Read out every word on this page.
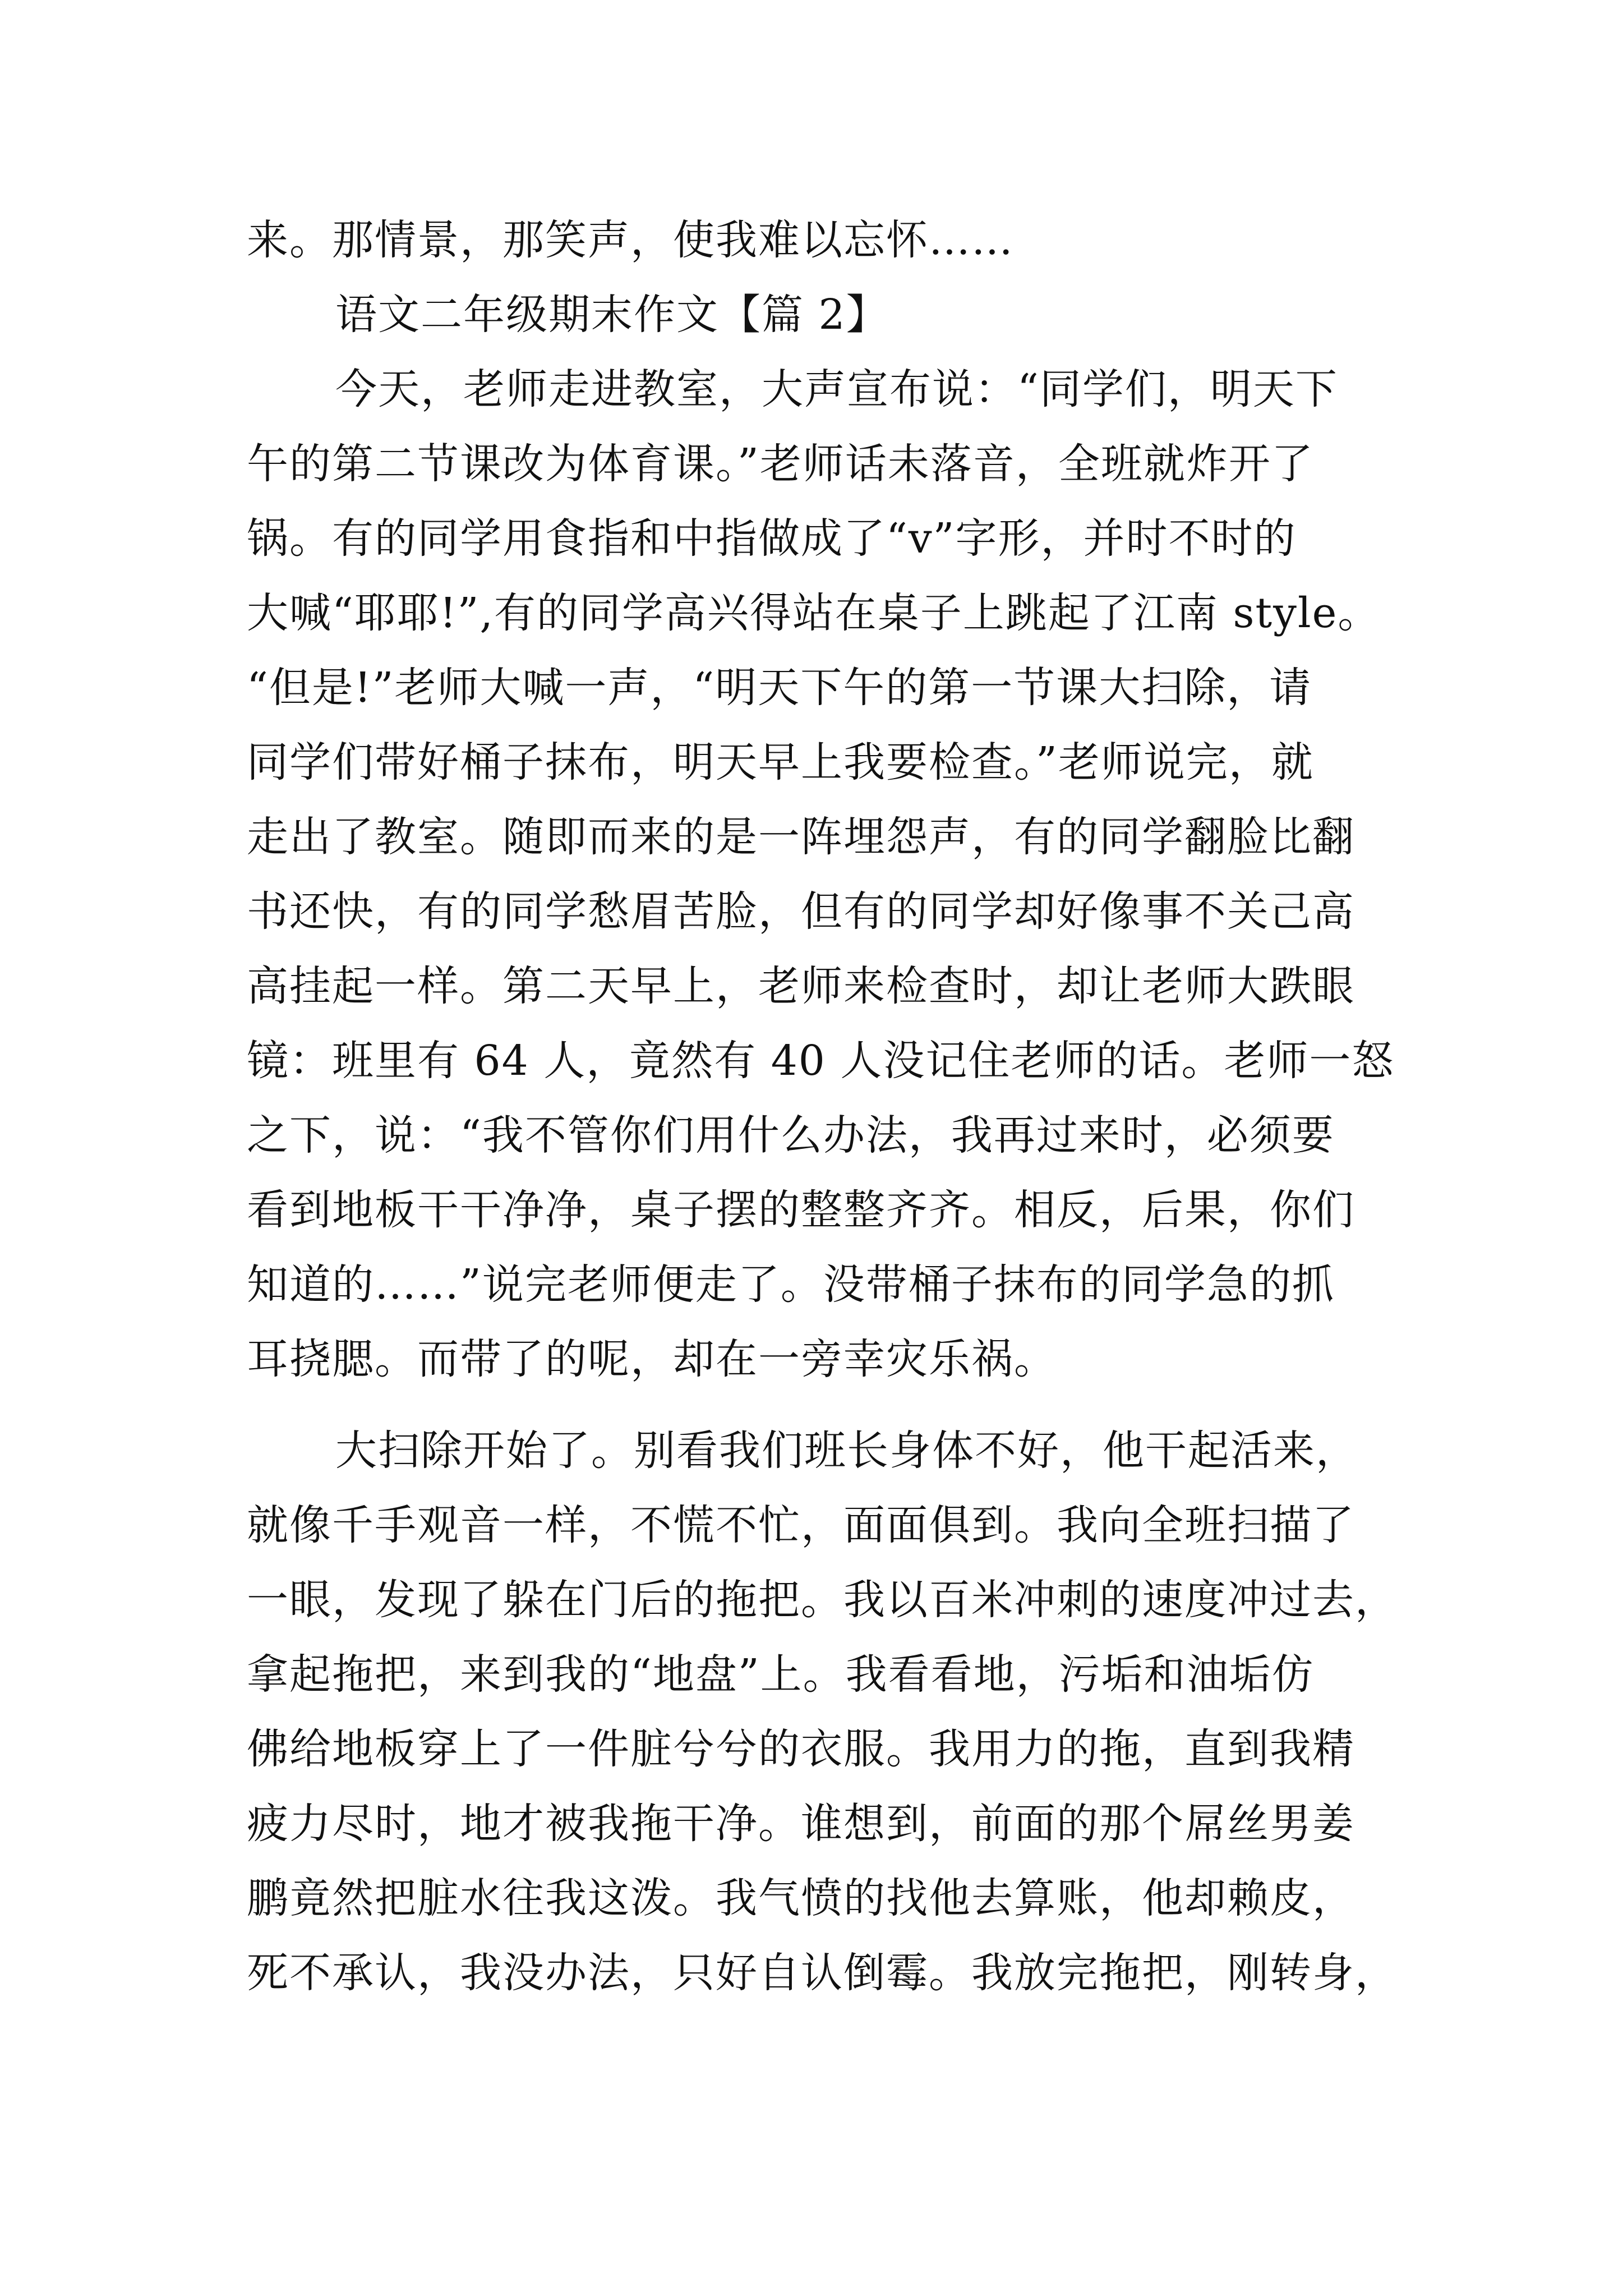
来。那情景，那笑声，使我难以忘怀……
语文二年级期末作文【篇 2】
今天，老师走进教室，大声宣布说：“同学们，明天下
午的第二节课改为体育课。”老师话未落音，全班就炸开了
锅。有的同学用食指和中指做成了“v”字形，并时不时的
大喊“耶耶!”,有的同学高兴得站在桌子上跳起了江南 style。
“但是!”老师大喊一声，“明天下午的第一节课大扫除，请
同学们带好桶子抹布，明天早上我要检查。”老师说完，就
走出了教室。随即而来的是一阵埋怨声，有的同学翻脸比翻
书还快，有的同学愁眉苦脸，但有的同学却好像事不关己高
高挂起一样。第二天早上，老师来检查时，却让老师大跌眼
镜：班里有 64 人，竟然有 40 人没记住老师的话。老师一怒
之下，说：“我不管你们用什么办法，我再过来时，必须要
看到地板干干净净，桌子摆的整整齐齐。相反，后果，你们
知道的……”说完老师便走了。没带桶子抹布的同学急的抓
耳挠腮。而带了的呢，却在一旁幸灾乐祸。
大扫除开始了。别看我们班长身体不好，他干起活来，
就像千手观音一样，不慌不忙，面面俱到。我向全班扫描了
一眼，发现了躲在门后的拖把。我以百米冲刺的速度冲过去，
拿起拖把，来到我的“地盘”上。我看看地，污垢和油垢仿
佛给地板穿上了一件脏兮兮的衣服。我用力的拖，直到我精
疲力尽时，地才被我拖干净。谁想到，前面的那个屌丝男姜
鹏竟然把脏水往我这泼。我气愤的找他去算账，他却赖皮，
死不承认，我没办法，只好自认倒霉。我放完拖把，刚转身，
